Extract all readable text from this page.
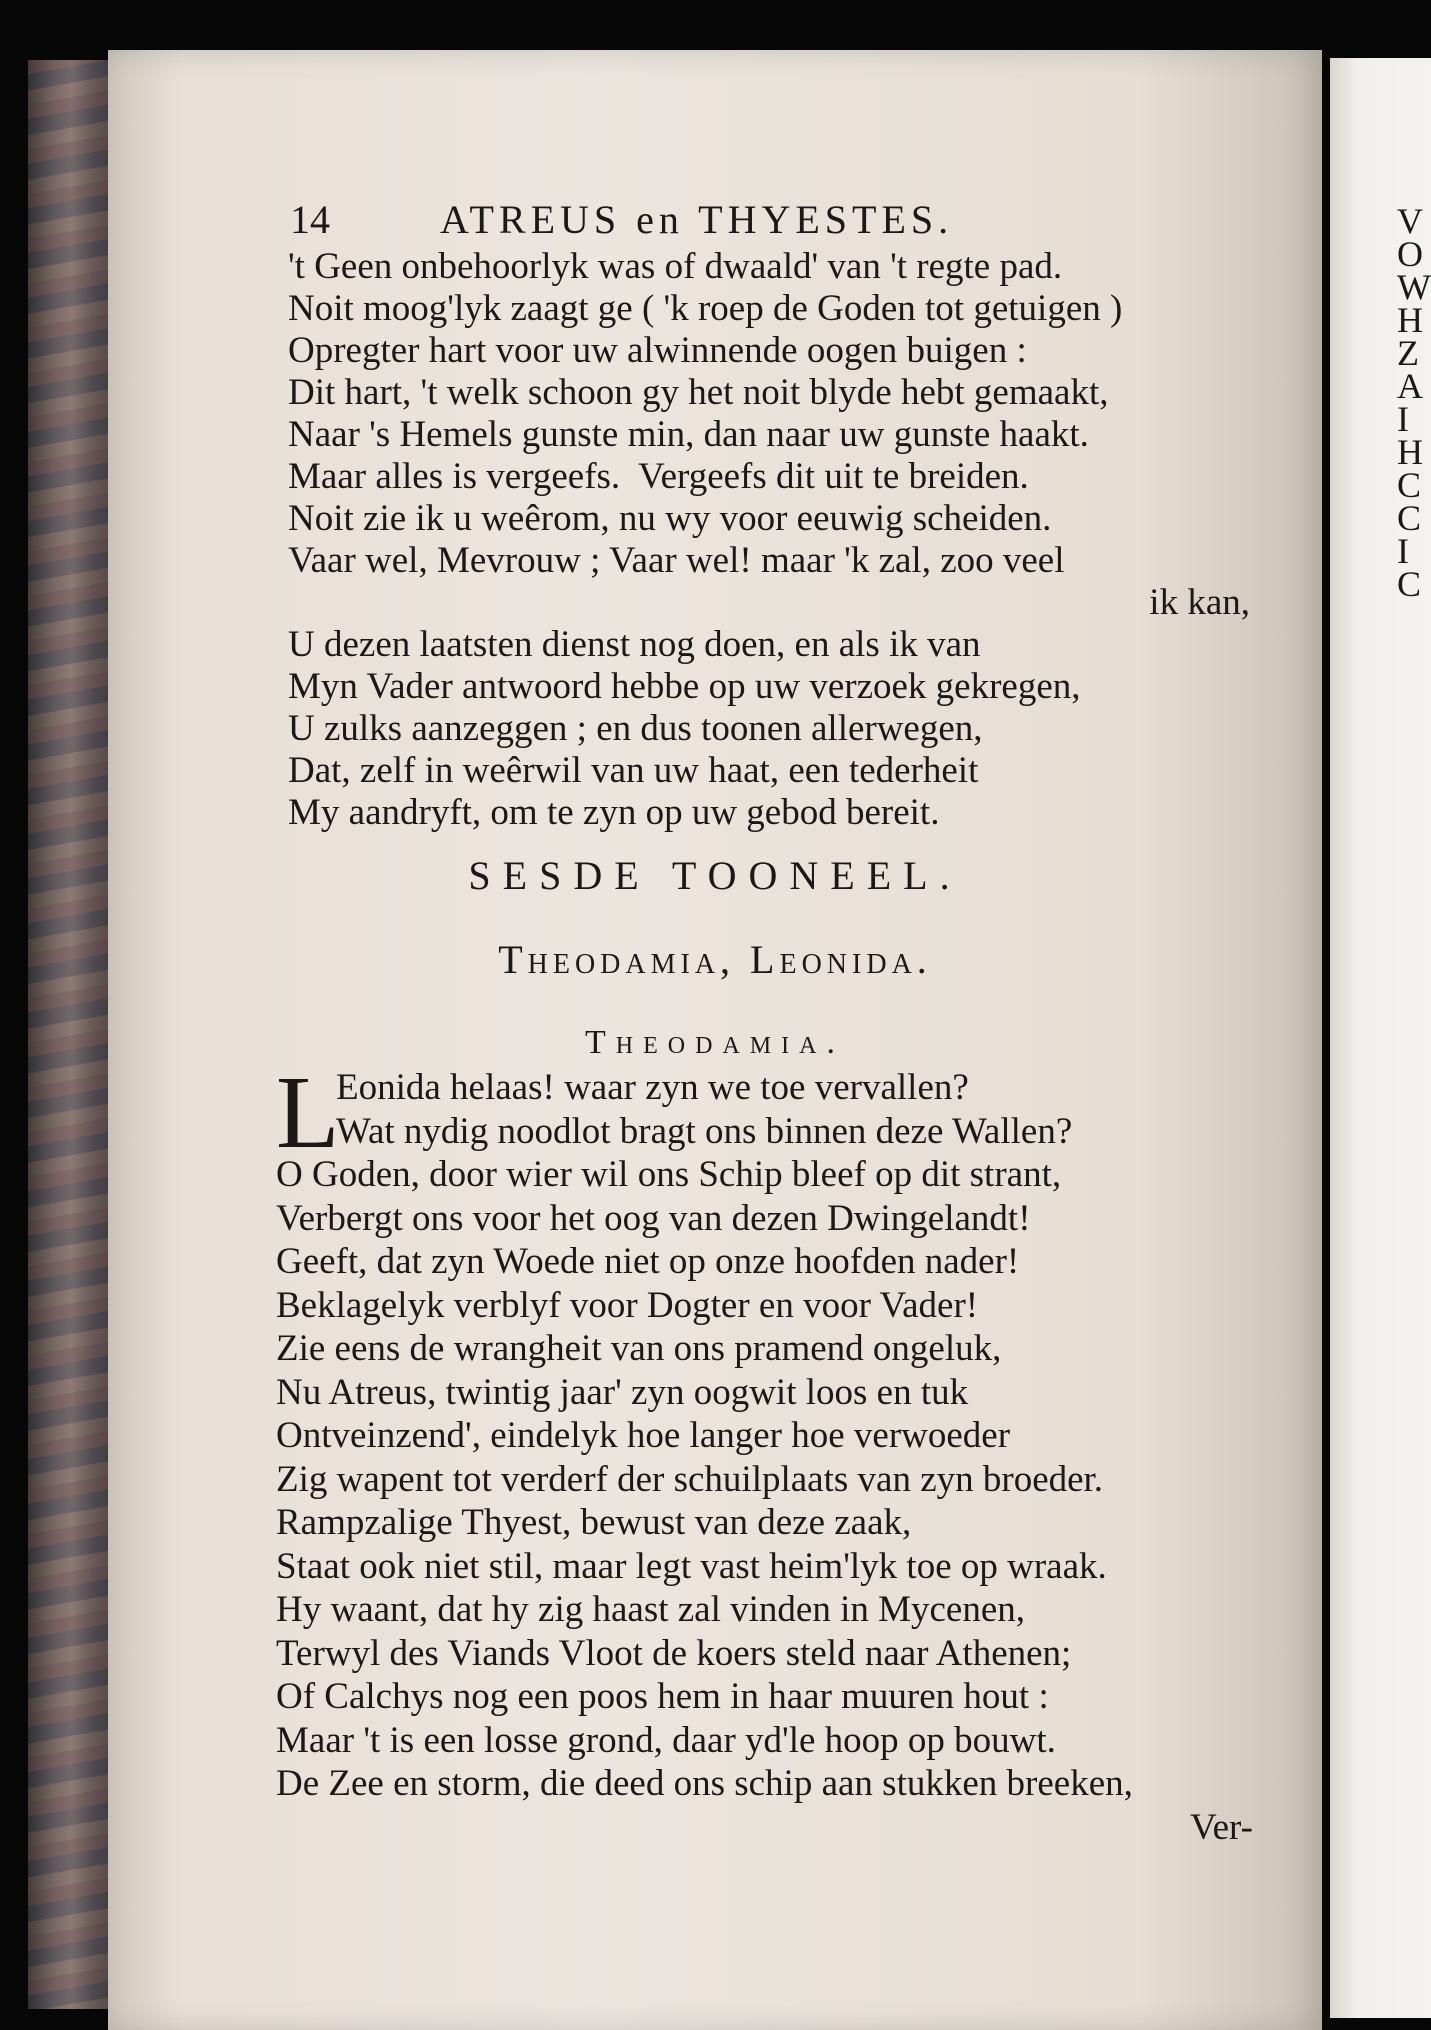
V
O
W
H
Z
A
I
H
C
C
I
C
14	ATREUS en THYESTES.
't Geen onbehoorlyk was of dwaald' van 't regte pad.
Noit moog'lyk zaagt ge ( 'k roep de Goden tot getuigen )
Opregter hart voor uw alwinnende oogen buigen :
Dit hart, 't welk schoon gy het noit blyde hebt gemaakt,
Naar 's Hemels gunste min, dan naar uw gunste haakt.
Maar alles is vergeefs.  Vergeefs dit uit te breiden.
Noit zie ik u weêrom, nu wy voor eeuwig scheiden.
Vaar wel, Mevrouw ; Vaar wel! maar 'k zal, zoo veel
ik kan,
U dezen laatsten dienst nog doen, en als ik van
Myn Vader antwoord hebbe op uw verzoek gekregen,
U zulks aanzeggen ; en dus toonen allerwegen,
Dat, zelf in weêrwil van uw haat, een tederheit
My aandryft, om te zyn op uw gebod bereit.
SESDE TOONEEL.
Theodamia, Leonida.
Theodamia.
L
Eonida helaas! waar zyn we toe vervallen?
Wat nydig noodlot bragt ons binnen deze Wallen?
O Goden, door wier wil ons Schip bleef op dit strant,
Verbergt ons voor het oog van dezen Dwingelandt!
Geeft, dat zyn Woede niet op onze hoofden nader!
Beklagelyk verblyf voor Dogter en voor Vader!
Zie eens de wrangheit van ons pramend ongeluk,
Nu Atreus, twintig jaar' zyn oogwit loos en tuk
Ontveinzend', eindelyk hoe langer hoe verwoeder
Zig wapent tot verderf der schuilplaats van zyn broeder.
Rampzalige Thyest, bewust van deze zaak,
Staat ook niet stil, maar legt vast heim'lyk toe op wraak.
Hy waant, dat hy zig haast zal vinden in Mycenen,
Terwyl des Viands Vloot de koers steld naar Athenen;
Of Calchys nog een poos hem in haar muuren hout :
Maar 't is een losse grond, daar yd'le hoop op bouwt.
De Zee en storm, die deed ons schip aan stukken breeken,
Ver-
